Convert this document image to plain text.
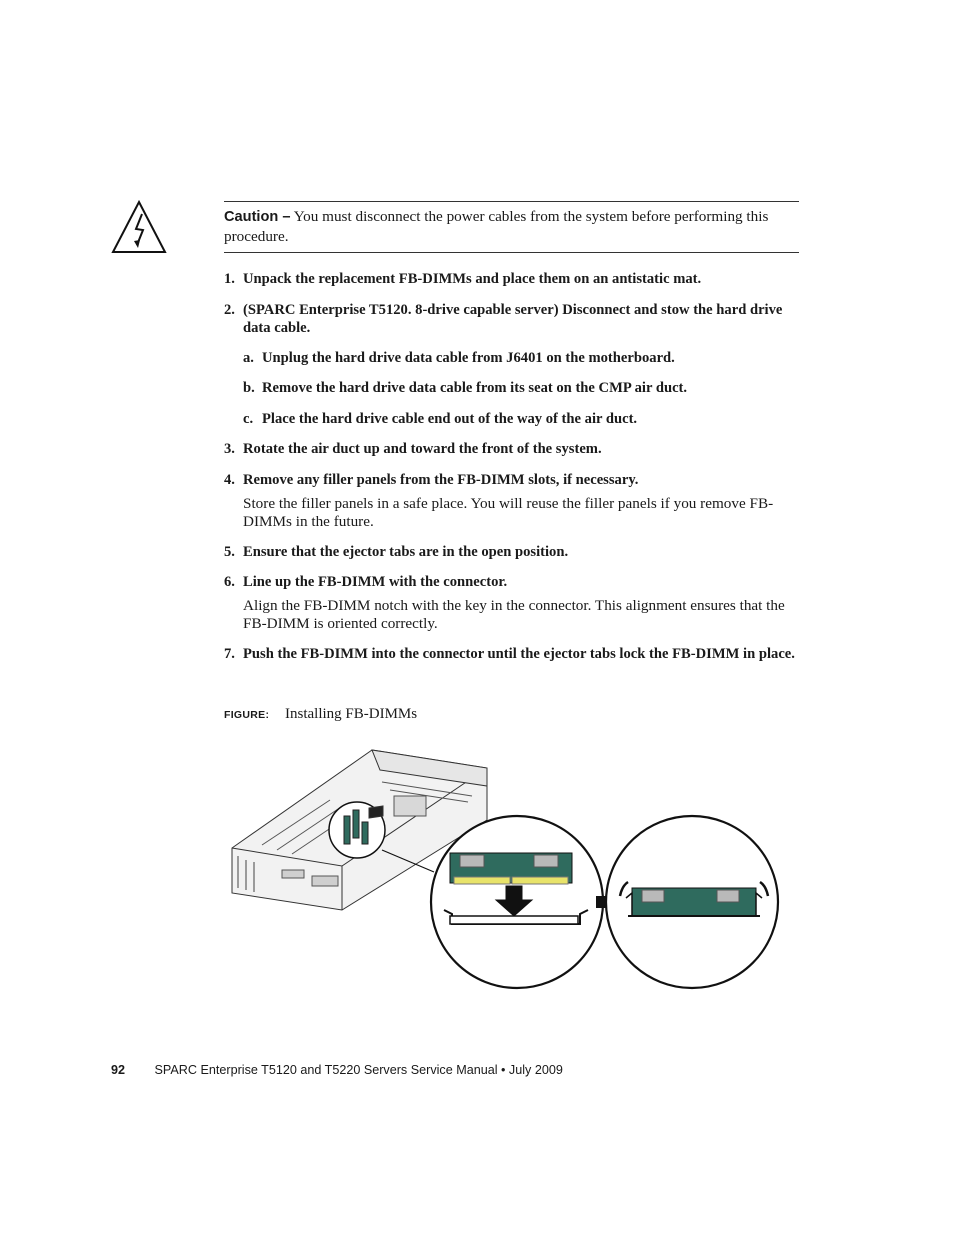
Caution – You must disconnect the power cables from the system before performing this procedure.
1. Unpack the replacement FB-DIMMs and place them on an antistatic mat.
2. (SPARC Enterprise T5120. 8-drive capable server) Disconnect and stow the hard drive data cable.
a. Unplug the hard drive data cable from J6401 on the motherboard.
b. Remove the hard drive data cable from its seat on the CMP air duct.
c. Place the hard drive cable end out of the way of the air duct.
3. Rotate the air duct up and toward the front of the system.
4. Remove any filler panels from the FB-DIMM slots, if necessary.
Store the filler panels in a safe place. You will reuse the filler panels if you remove FB-DIMMs in the future.
5. Ensure that the ejector tabs are in the open position.
6. Line up the FB-DIMM with the connector.
Align the FB-DIMM notch with the key in the connector. This alignment ensures that the FB-DIMM is oriented correctly.
7. Push the FB-DIMM into the connector until the ejector tabs lock the FB-DIMM in place.
FIGURE: Installing FB-DIMMs
92 SPARC Enterprise T5120 and T5220 Servers Service Manual • July 2009
